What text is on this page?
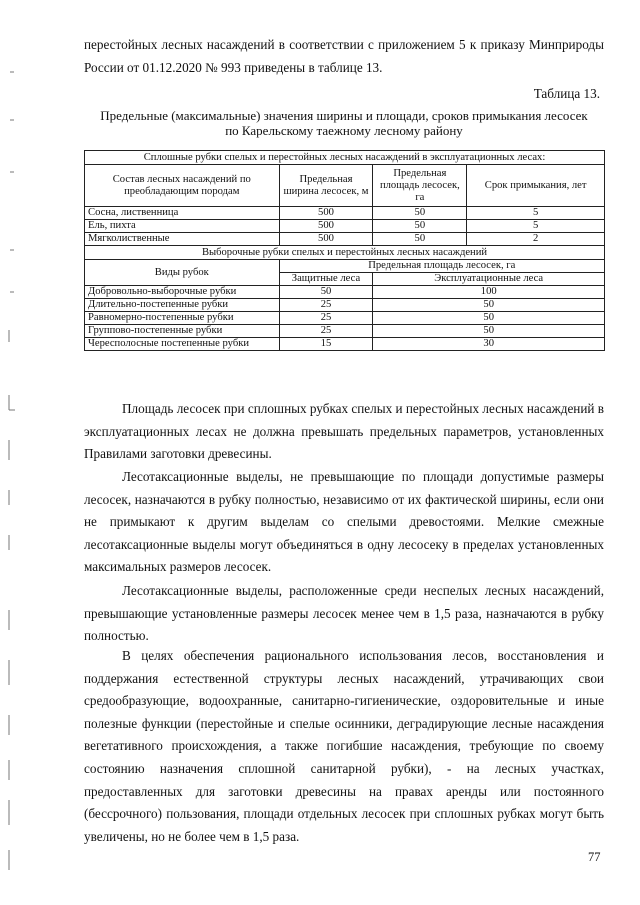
перестойных лесных насаждений в соответствии с приложением 5 к приказу Минприроды России от 01.12.2020 № 993 приведены в таблице 13.

Таблица 13.
Предельные (максимальные) значения ширины и площади, сроков примыкания лесосек
по Карельскому таежному лесному району
Сплошные рубки спелых и перестойных лесных насаждений в эксплуатационных лесах:			
Состав лесных насаждений по преобладающим породам	Предельная ширина лесосек, м	Предельная площадь лесосек, га	Срок примыкания, лет
Сосна, лиственница	500	50	5
Ель, пихта	500	50	5
Мягколиственные	500	50	2
Выборочные рубки спелых и перестойных лесных насаждений			
Виды рубок	Предельная площадь лесосек, га		
	Защитные леса	Эксплуатационные леса	
Добровольно-выборочные рубки	50	100	
Длительно-постепенные рубки	25	50	
Равномерно-постепенные рубки	25	50	
Группово-постепенные рубки	25	50	
Чересполосные постепенные рубки	15	30	

Площадь лесосек при сплошных рубках спелых и перестойных лесных насаждений в эксплуатационных лесах не должна превышать предельных параметров, установленных Правилами заготовки древесины.

Лесотаксационные выделы, не превышающие по площади допустимые размеры лесосек, назначаются в рубку полностью, независимо от их фактической ширины, если они не примыкают к другим выделам со спелыми древостоями. Мелкие смежные лесотаксационные выделы могут объединяться в одну лесосеку в пределах установленных максимальных размеров лесосек.

Лесотаксационные выделы, расположенные среди неспелых лесных насаждений, превышающие установленные размеры лесосек менее чем в 1,5 раза, назначаются в рубку полностью.

В целях обеспечения рационального использования лесов, восстановления и поддержания естественной структуры лесных насаждений, утрачивающих свои средообразующие, водоохранные, санитарно-гигиенические, оздоровительные и иные полезные функции (перестойные и спелые осинники, деградирующие лесные насаждения вегетативного происхождения, а также погибшие насаждения, требующие по своему состоянию назначения сплошной санитарной рубки), - на лесных участках, предоставленных для заготовки древесины на правах аренды или постоянного (бессрочного) пользования, площади отдельных лесосек при сплошных рубках могут быть увеличены, но не более чем в 1,5 раза.

77
